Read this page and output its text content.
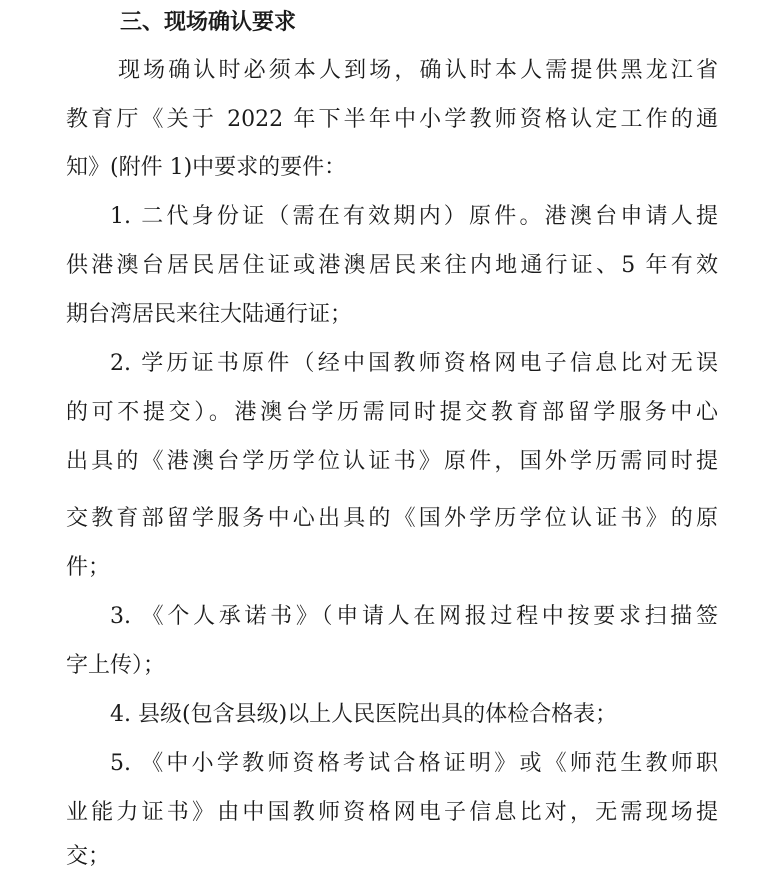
三、现场确认要求
现场确认时必须本人到场，确认时本人需提供黑龙江省
教育厅《关于 2022 年下半年中小学教师资格认定工作的通
知》(附件 1)中要求的要件：
1. 二代身份证（需在有效期内）原件。港澳台申请人提
供港澳台居民居住证或港澳居民来往内地通行证、5 年有效
期台湾居民来往大陆通行证；
2. 学历证书原件（经中国教师资格网电子信息比对无误
的可不提交）。港澳台学历需同时提交教育部留学服务中心
出具的《港澳台学历学位认证书》原件，国外学历需同时提
交教育部留学服务中心出具的《国外学历学位认证书》的原
件；
3. 《个人承诺书》（申请人在网报过程中按要求扫描签
字上传）；
4. 县级(包含县级)以上人民医院出具的体检合格表；
5. 《中小学教师资格考试合格证明》或《师范生教师职
业能力证书》由中国教师资格网电子信息比对，无需现场提
交；
